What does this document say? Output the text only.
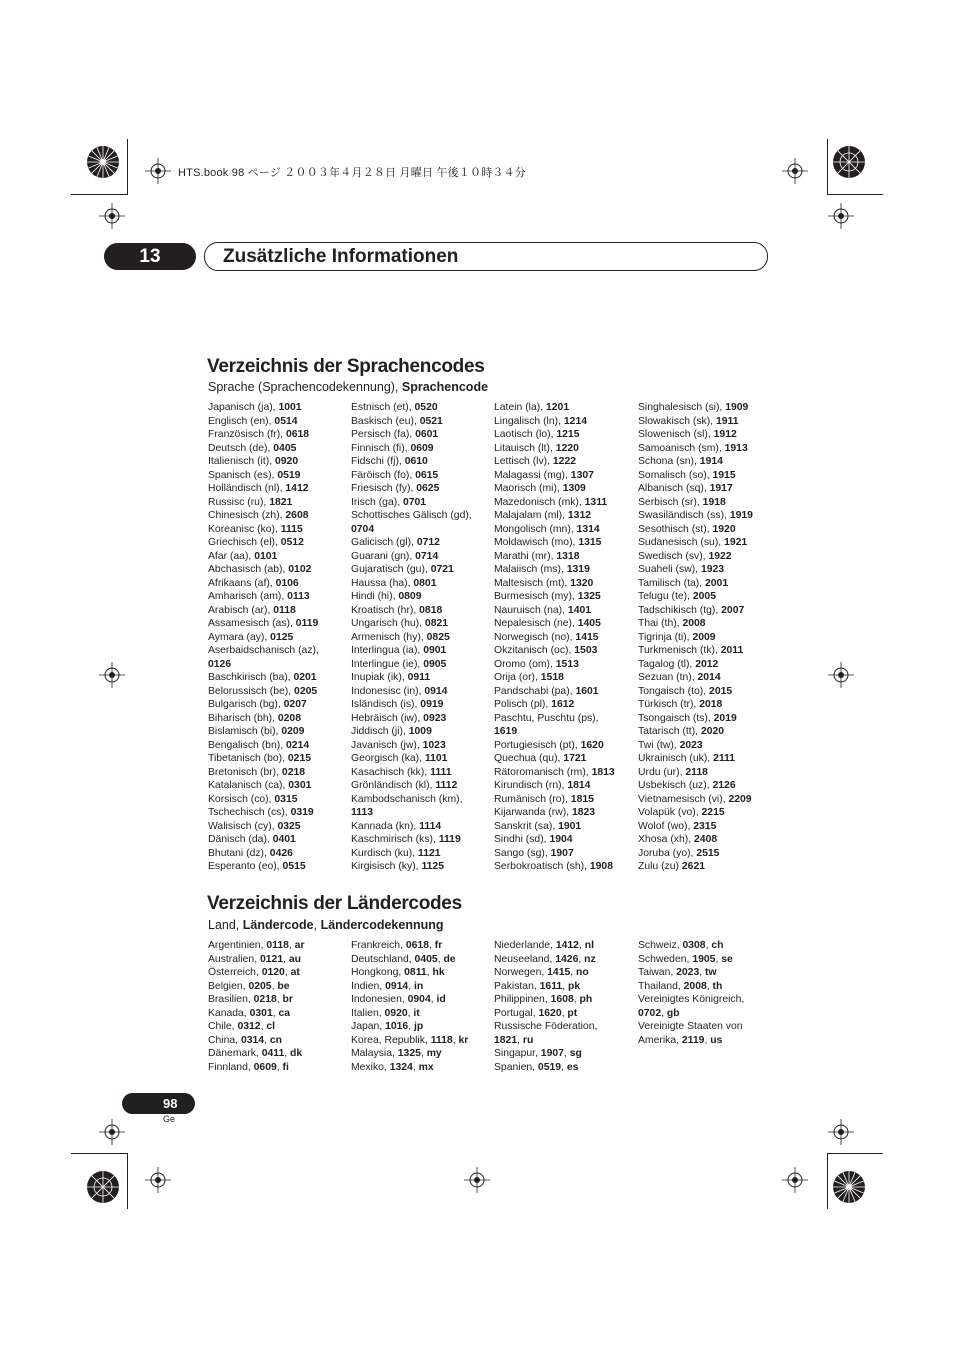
HTS.book 98 ページ ２００３年４月２８日 月曜日 午後１０時３４分
13	Zusätzliche Informationen
Verzeichnis der Sprachencodes
Sprache (Sprachencodekennung), Sprachencode
Japanisch (ja), 1001
Englisch (en), 0514
Französisch (fr), 0618
Deutsch (de), 0405
Italienisch (it), 0920
Spanisch (es), 0519
Holländisch (nl), 1412
Russisc (ru), 1821
Chinesisch (zh), 2608
Koreanisc (ko), 1115
Griechisch (el), 0512
Afar (aa), 0101
Abchasisch (ab), 0102
Afrikaans (af), 0106
Amharisch (am), 0113
Arabisch (ar), 0118
Assamesisch (as), 0119
Aymara (ay), 0125
Aserbaidschanisch (az),
0126
Baschkirisch (ba), 0201
Belorussisch (be), 0205
Bulgarisch (bg), 0207
Biharisch (bh), 0208
Bislamisch (bi), 0209
Bengalisch (bn), 0214
Tibetanisch (bo), 0215
Bretonisch (br), 0218
Katalanisch (ca), 0301
Korsisch (co), 0315
Tschechisch (cs), 0319
Walisisch (cy), 0325
Dänisch (da), 0401
Bhutani (dz), 0426
Esperanto (eo), 0515
Estnisch (et), 0520
Baskisch (eu), 0521
Persisch (fa), 0601
Finnisch (fi), 0609
Fidschi (fj), 0610
Färöisch (fo), 0615
Friesisch (fy), 0625
Irisch (ga), 0701
Schottisches Gälisch (gd),
0704
Galicisch (gl), 0712
Guarani (gn), 0714
Gujaratisch (gu), 0721
Haussa (ha), 0801
Hindi (hi), 0809
Kroatisch (hr), 0818
Ungarisch (hu), 0821
Armenisch (hy), 0825
Interlingua (ia), 0901
Interlingue (ie), 0905
Inupiak (ik), 0911
Indonesisc (in), 0914
Isländisch (is), 0919
Hebräisch (iw), 0923
Jiddisch (ji), 1009
Javanisch (jw), 1023
Georgisch (ka), 1101
Kasachisch (kk), 1111
Grönländisch (kl), 1112
Kambodschanisch (km),
1113
Kannada (kn), 1114
Kaschmirisch (ks), 1119
Kurdisch (ku), 1121
Kirgisisch (ky), 1125
Latein (la), 1201
Lingalisch (ln), 1214
Laotisch (lo), 1215
Litauisch (lt), 1220
Lettisch (lv), 1222
Malagassi (mg), 1307
Maorisch (mi), 1309
Mazedonisch (mk), 1311
Malajalam (ml), 1312
Mongolisch (mn), 1314
Moldawisch (mo), 1315
Marathi (mr), 1318
Malaiisch (ms), 1319
Maltesisch (mt), 1320
Burmesisch (my), 1325
Nauruisch (na), 1401
Nepalesisch (ne), 1405
Norwegisch (no), 1415
Okzitanisch (oc), 1503
Oromo (om), 1513
Orija (or), 1518
Pandschabi (pa), 1601
Polisch (pl), 1612
Paschtu, Puschtu (ps),
1619
Portugiesisch (pt), 1620
Quechua (qu), 1721
Rätoromanisch (rm), 1813
Kirundisch (rn), 1814
Rumänisch (ro), 1815
Kijarwanda (rw), 1823
Sanskrit (sa), 1901
Sindhi (sd), 1904
Sango (sg), 1907
Serbokroatisch (sh), 1908
Singhalesisch (si), 1909
Slowakisch (sk), 1911
Slowenisch (sl), 1912
Samoanisch (sm), 1913
Schona (sn), 1914
Somalisch (so), 1915
Albanisch (sq), 1917
Serbisch (sr), 1918
Swasiländisch (ss), 1919
Sesothisch (st), 1920
Sudanesisch (su), 1921
Swedisch (sv), 1922
Suaheli (sw), 1923
Tamilisch (ta), 2001
Telugu (te), 2005
Tadschikisch (tg), 2007
Thai (th), 2008
Tigrinja (ti), 2009
Turkmenisch (tk), 2011
Tagalog (tl), 2012
Sezuan (tn), 2014
Tongaisch (to), 2015
Türkisch (tr), 2018
Tsongaisch (ts), 2019
Tatarisch (tt), 2020
Twi (tw), 2023
Ukrainisch (uk), 2111
Urdu (ur), 2118
Usbekisch (uz), 2126
Vietnamesisch (vi), 2209
Volapük (vo), 2215
Wolof (wo), 2315
Xhosa (xh), 2408
Joruba (yo), 2515
Zulu (zu) 2621
Verzeichnis der Ländercodes
Land, Ländercode, Ländercodekennung
Argentinien, 0118, ar
Australien, 0121, au
Österreich, 0120, at
Belgien, 0205, be
Brasilien, 0218, br
Kanada, 0301, ca
Chile, 0312, cl
China, 0314, cn
Dänemark, 0411, dk
Finnland, 0609, fi
Frankreich, 0618, fr
Deutschland, 0405, de
Hongkong, 0811, hk
Indien, 0914, in
Indonesien, 0904, id
Italien, 0920, it
Japan, 1016, jp
Korea, Republik, 1118, kr
Malaysia, 1325, my
Mexiko, 1324, mx
Niederlande, 1412, nl
Neuseeland, 1426, nz
Norwegen, 1415, no
Pakistan, 1611, pk
Philippinen, 1608, ph
Portugal, 1620, pt
Russische Föderation,
1821, ru
Singapur, 1907, sg
Spanien, 0519, es
Schweiz, 0308, ch
Schweden, 1905, se
Taiwan, 2023, tw
Thailand, 2008, th
Vereinigtes Königreich,
0702, gb
Vereinigte Staaten von
Amerika, 2119, us
98
Ge
